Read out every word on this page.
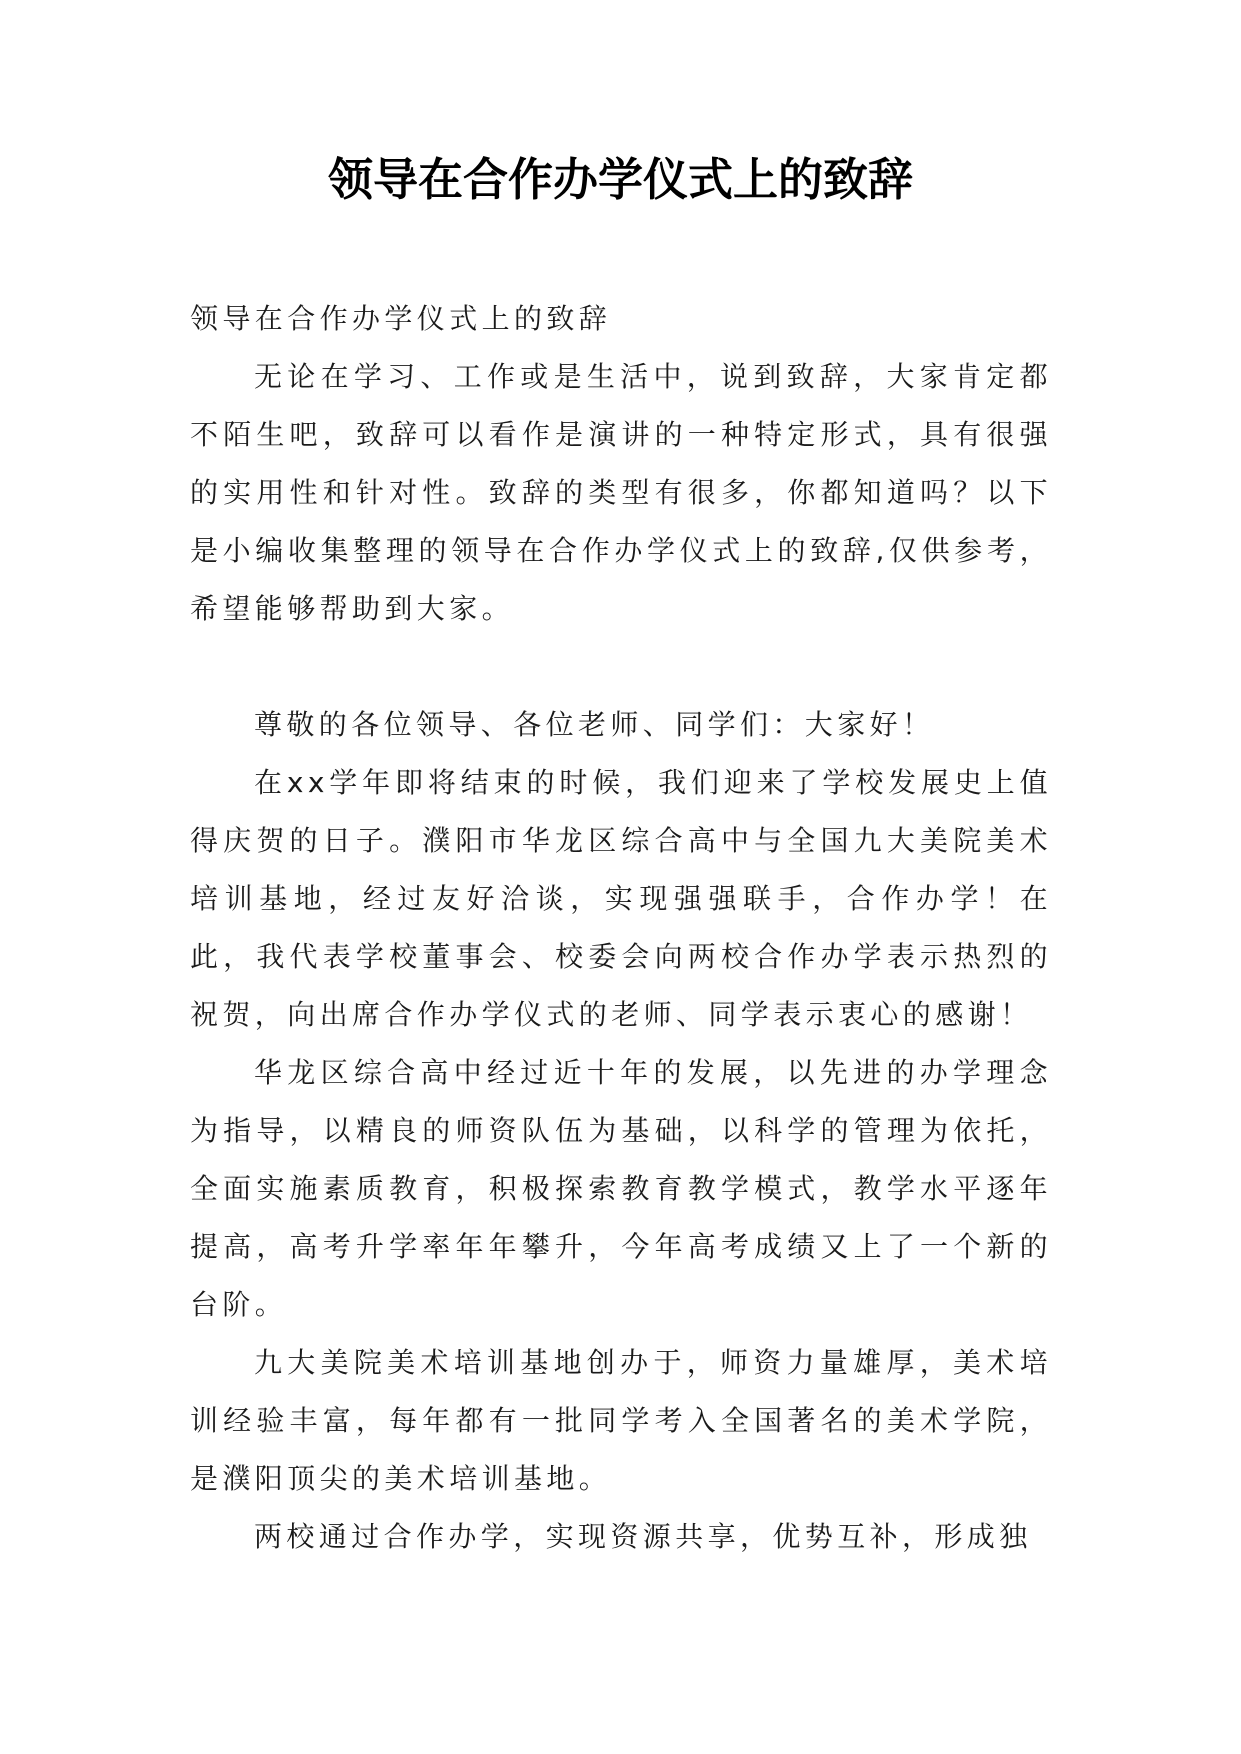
领导在合作办学仪式上的致辞

领导在合作办学仪式上的致辞

无论在学习、工作或是生活中，说到致辞，大家肯定都不陌生吧，致辞可以看作是演讲的一种特定形式，具有很强的实用性和针对性。致辞的类型有很多，你都知道吗？以下是小编收集整理的领导在合作办学仪式上的致辞,仅供参考，希望能够帮助到大家。

尊敬的各位领导、各位老师、同学们：大家好！

在xx学年即将结束的时候，我们迎来了学校发展史上值得庆贺的日子。濮阳市华龙区综合高中与全国九大美院美术培训基地，经过友好洽谈，实现强强联手，合作办学！在此，我代表学校董事会、校委会向两校合作办学表示热烈的祝贺，向出席合作办学仪式的老师、同学表示衷心的感谢！

华龙区综合高中经过近十年的发展，以先进的办学理念为指导，以精良的师资队伍为基础，以科学的管理为依托，全面实施素质教育，积极探索教育教学模式，教学水平逐年提高，高考升学率年年攀升，今年高考成绩又上了一个新的台阶。

九大美院美术培训基地创办于，师资力量雄厚，美术培训经验丰富，每年都有一批同学考入全国著名的美术学院，是濮阳顶尖的美术培训基地。

两校通过合作办学，实现资源共享，优势互补，形成独
